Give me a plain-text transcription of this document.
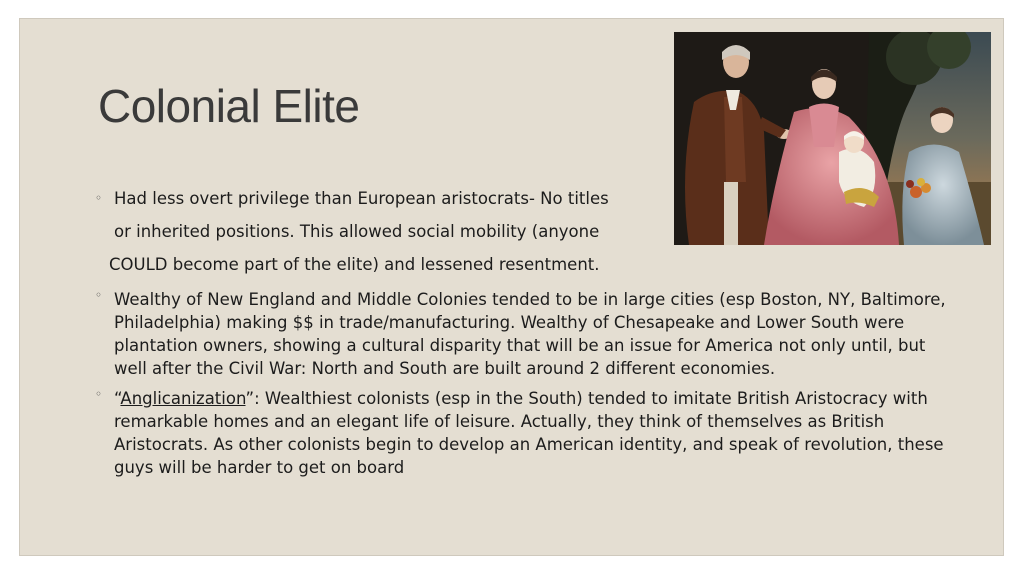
Colonial Elite
◦ Had less overt privilege than European aristocrats- No titles
or inherited positions. This allowed social mobility (anyone
COULD become part of the elite) and lessened resentment.
◦ Wealthy of New England and Middle Colonies tended to be in large cities (esp Boston, NY, Baltimore, Philadelphia) making $$ in trade/manufacturing. Wealthy of Chesapeake and Lower South were plantation owners, showing a cultural disparity that will be an issue for America not only until, but well after the Civil War: North and South are built around 2 different economies.
◦ “Anglicanization”: Wealthiest colonists (esp in the South) tended to imitate British Aristocracy with remarkable homes and an elegant life of leisure. Actually, they think of themselves as British Aristocrats. As other colonists begin to develop an American identity, and speak of revolution, these guys will be harder to get on board
